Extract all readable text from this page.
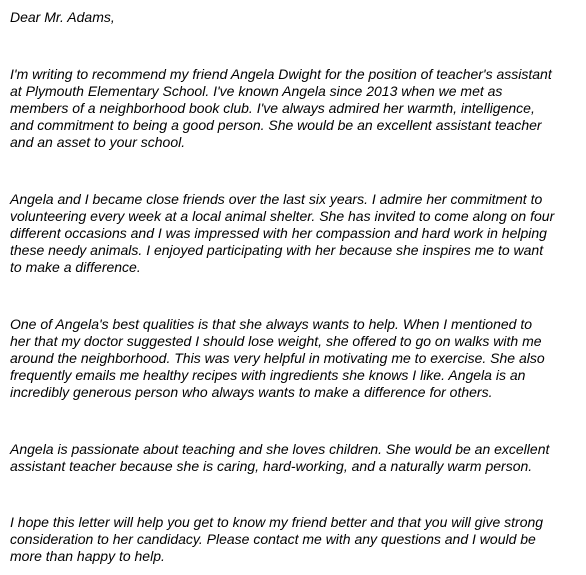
Dear Mr. Adams,
I'm writing to recommend my friend Angela Dwight for the position of teacher's assistant
at Plymouth Elementary School. I've known Angela since 2013 when we met as
members of a neighborhood book club. I've always admired her warmth, intelligence,
and commitment to being a good person. She would be an excellent assistant teacher
and an asset to your school.
Angela and I became close friends over the last six years. I admire her commitment to
volunteering every week at a local animal shelter. She has invited to come along on four
different occasions and I was impressed with her compassion and hard work in helping
these needy animals. I enjoyed participating with her because she inspires me to want
to make a difference.
One of Angela's best qualities is that she always wants to help. When I mentioned to
her that my doctor suggested I should lose weight, she offered to go on walks with me
around the neighborhood. This was very helpful in motivating me to exercise. She also
frequently emails me healthy recipes with ingredients she knows I like. Angela is an
incredibly generous person who always wants to make a difference for others.
Angela is passionate about teaching and she loves children. She would be an excellent
assistant teacher because she is caring, hard-working, and a naturally warm person.
I hope this letter will help you get to know my friend better and that you will give strong
consideration to her candidacy. Please contact me with any questions and I would be
more than happy to help.
